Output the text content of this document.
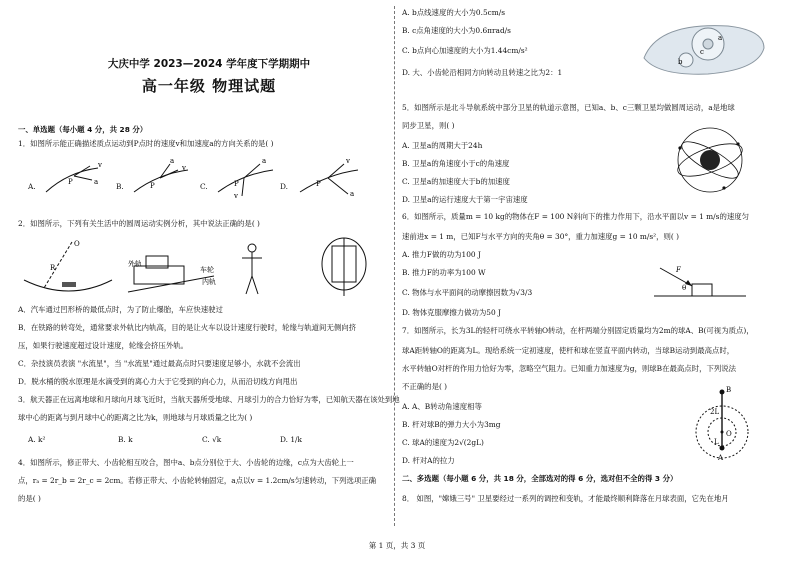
大庆中学 2023—2024 学年度下学期期中
高一年级 物理试题
一、单选题（每小题 4 分，共 28 分）
1．如图所示能正确描述质点运动到P点时的速度v和加速度a的方向关系的是( )
A.	B.	C.	D.
v
a
P
a
v
P
a
v
P
v
a
P
2．如图所示，下列有关生活中的圆周运动实例分析，其中说法正确的是( )
O
R	外轨
车轮
内轨
A．汽车通过凹形桥的最低点时，为了防止爆胎，车应快速驶过
B．在铁路的转弯处，通常要求外轨比内轨高，目的是让火车以设计速度行驶时，轮缘与轨道间无侧向挤
压，如果行驶速度超过设计速度，轮缘会挤压外轨。
C．杂技演员表演 "水流星"，当 "水流星"通过最高点时只要速度足够小，水就不会流出
D．脱水桶的脱水原理是水滴受到的离心力大于它受到的向心力，从而沿切线方向甩出
3．航天器正在远离地球和月球向月球飞近时，当航天器所受地球、月球引力的合力恰好为零，已知航天器在该处到地
球中心的距离与到月球中心的距离之比为k，则地球与月球质量之比为( )
A. k²	B. k	C. √k	D. 1/k
4．如图所示，修正带大、小齿轮相互咬合，图中a、b点分别位于大、小齿轮的边缘，c点为大齿轮上一
点，rₐ = 2r_b = 2r_c = 2cm。若修正带大、小齿轮转轴固定，a点以v = 1.2cm/s匀速转动，下列选项正确
的是( )
A. b点线速度的大小为0.5cm/s
B. c点角速度的大小为0.6πrad/s
C. b点向心加速度的大小为1.44cm/s²
D. 大、小齿轮沿相同方向转动且转速之比为2：1
a
b
c
5．如图所示是北斗导航系统中部分卫星的轨道示意图，已知a、b、c三颗卫星均做圆周运动，a是地球
同步卫星，则( )
A. 卫星a的周期大于24h
B. 卫星a的角速度小于c的角速度
C. 卫星a的加速度大于b的加速度
D. 卫星a的运行速度大于第一宇宙速度
6．如图所示，质量m = 10 kg的物体在F = 100 N斜向下的推力作用下，沿水平面以v = 1 m/s的速度匀
速前进x = 1 m，已知F与水平方向的夹角θ = 30°，重力加速度g = 10 m/s²，则( )
A. 推力F做的功为100 J
B. 推力F的功率为100 W
C. 物体与水平面间的动摩擦因数为√3/3
D. 物体克服摩擦力做功为50 J
F
θ
7．如图所示，长为3L的轻杆可绕水平转轴O转动，在杆两端分别固定质量均为2m的球A、B(可视为质点)，
球A距转轴O的距离为L。现给系统一定初速度，使杆和球在竖直平面内转动，当球B运动到最高点时，
水平转轴O对杆的作用力恰好为零，忽略空气阻力。已知重力加速度为g，则球B在最高点时，下列说法
不正确的是( )
A. A、B转动角速度相等
B. 杆对球B的弹力大小为3mg
C. 球A的速度为2√(2gL)
D. 杆对A的拉力
B
A
O
2L
L
二、多选题（每小题 6 分，共 18 分，全部选对的得 6 分，选对但不全的得 3 分）
8． 如图，"嫦娥三号" 卫星要经过一系列的调控和变轨，才能最终顺利降落在月球表面，它先在地月
第 1 页，共 3 页
